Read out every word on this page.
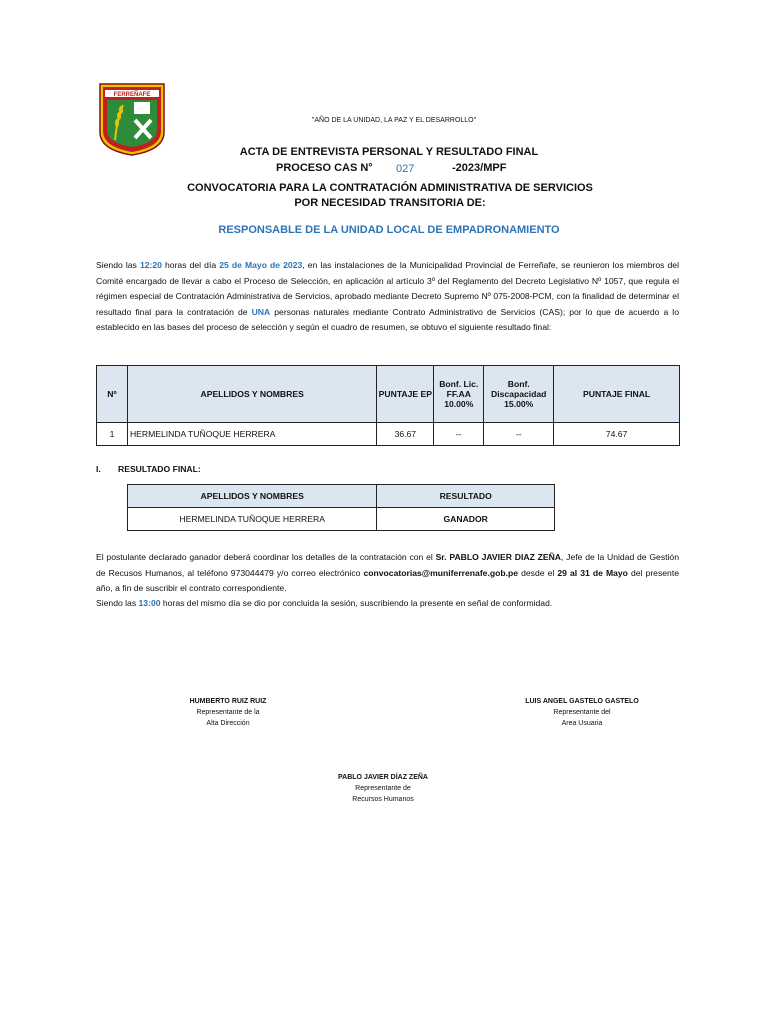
FERREÑAFE
"AÑO DE LA UNIDAD, LA PAZ Y EL DESARROLLO"
ACTA DE ENTREVISTA PERSONAL Y RESULTADO FINAL
PROCESO CAS N° 027	-2023/MPF
CONVOCATORIA PARA LA CONTRATACIÓN ADMINISTRATIVA DE SERVICIOS
POR NECESIDAD TRANSITORIA DE:
RESPONSABLE DE LA UNIDAD LOCAL DE EMPADRONAMIENTO
Siendo las 12:20 horas del día 25 de Mayo de 2023, en las instalaciones de la Municipalidad Provincial de Ferreñafe, se reunieron los miembros del Comité encargado de llevar a cabo el Proceso de Selección, en aplicación al artículo 3º del Reglamento del Decreto Legislativo Nº 1057, que regula el régimen especial de Contratación Administrativa de Servicios, aprobado mediante Decreto Supremo Nº 075-2008-PCM, con la finalidad de determinar el resultado final para la contratación de UNA personas naturales mediante Contrato Administrativo de Servicios (CAS); por lo que de acuerdo a lo establecido en las bases del proceso de selección y según el cuadro de resumen, se obtuvo el siguiente resultado final:
Nº	APELLIDOS Y NOMBRES	PUNTAJE EP	Bonf. Lic. FF.AA 10.00%	Bonf. Discapacidad 15.00%	PUNTAJE FINAL
1	HERMELINDA TUÑOQUE HERRERA	36.67	--	--	74.67
I. RESULTADO FINAL:
APELLIDOS Y NOMBRES	RESULTADO
HERMELINDA TUÑOQUE HERRERA	GANADOR
El postulante declarado ganador deberá coordinar los detalles de la contratación con el Sr. PABLO JAVIER DIAZ ZEÑA, Jefe de la Unidad de Gestión de Recusos Humanos, al teléfono 973044479 y/o correo electrónico convocatorias@muniferrenafe.gob.pe desde el 29 al 31 de Mayo del presente año, a fin de suscribir el contrato correspondiente.
Siendo las 13:00 horas del mismo día se dio por concluida la sesión, suscribiendo la presente en señal de conformidad.
HUMBERTO RUIZ RUIZ
Representante de la
Alta Dirección
LUIS ANGEL GASTELO GASTELO
Representante del
Area Usuaria
PABLO JAVIER DÍAZ ZEÑA
Representante de
Recursos Humanos
